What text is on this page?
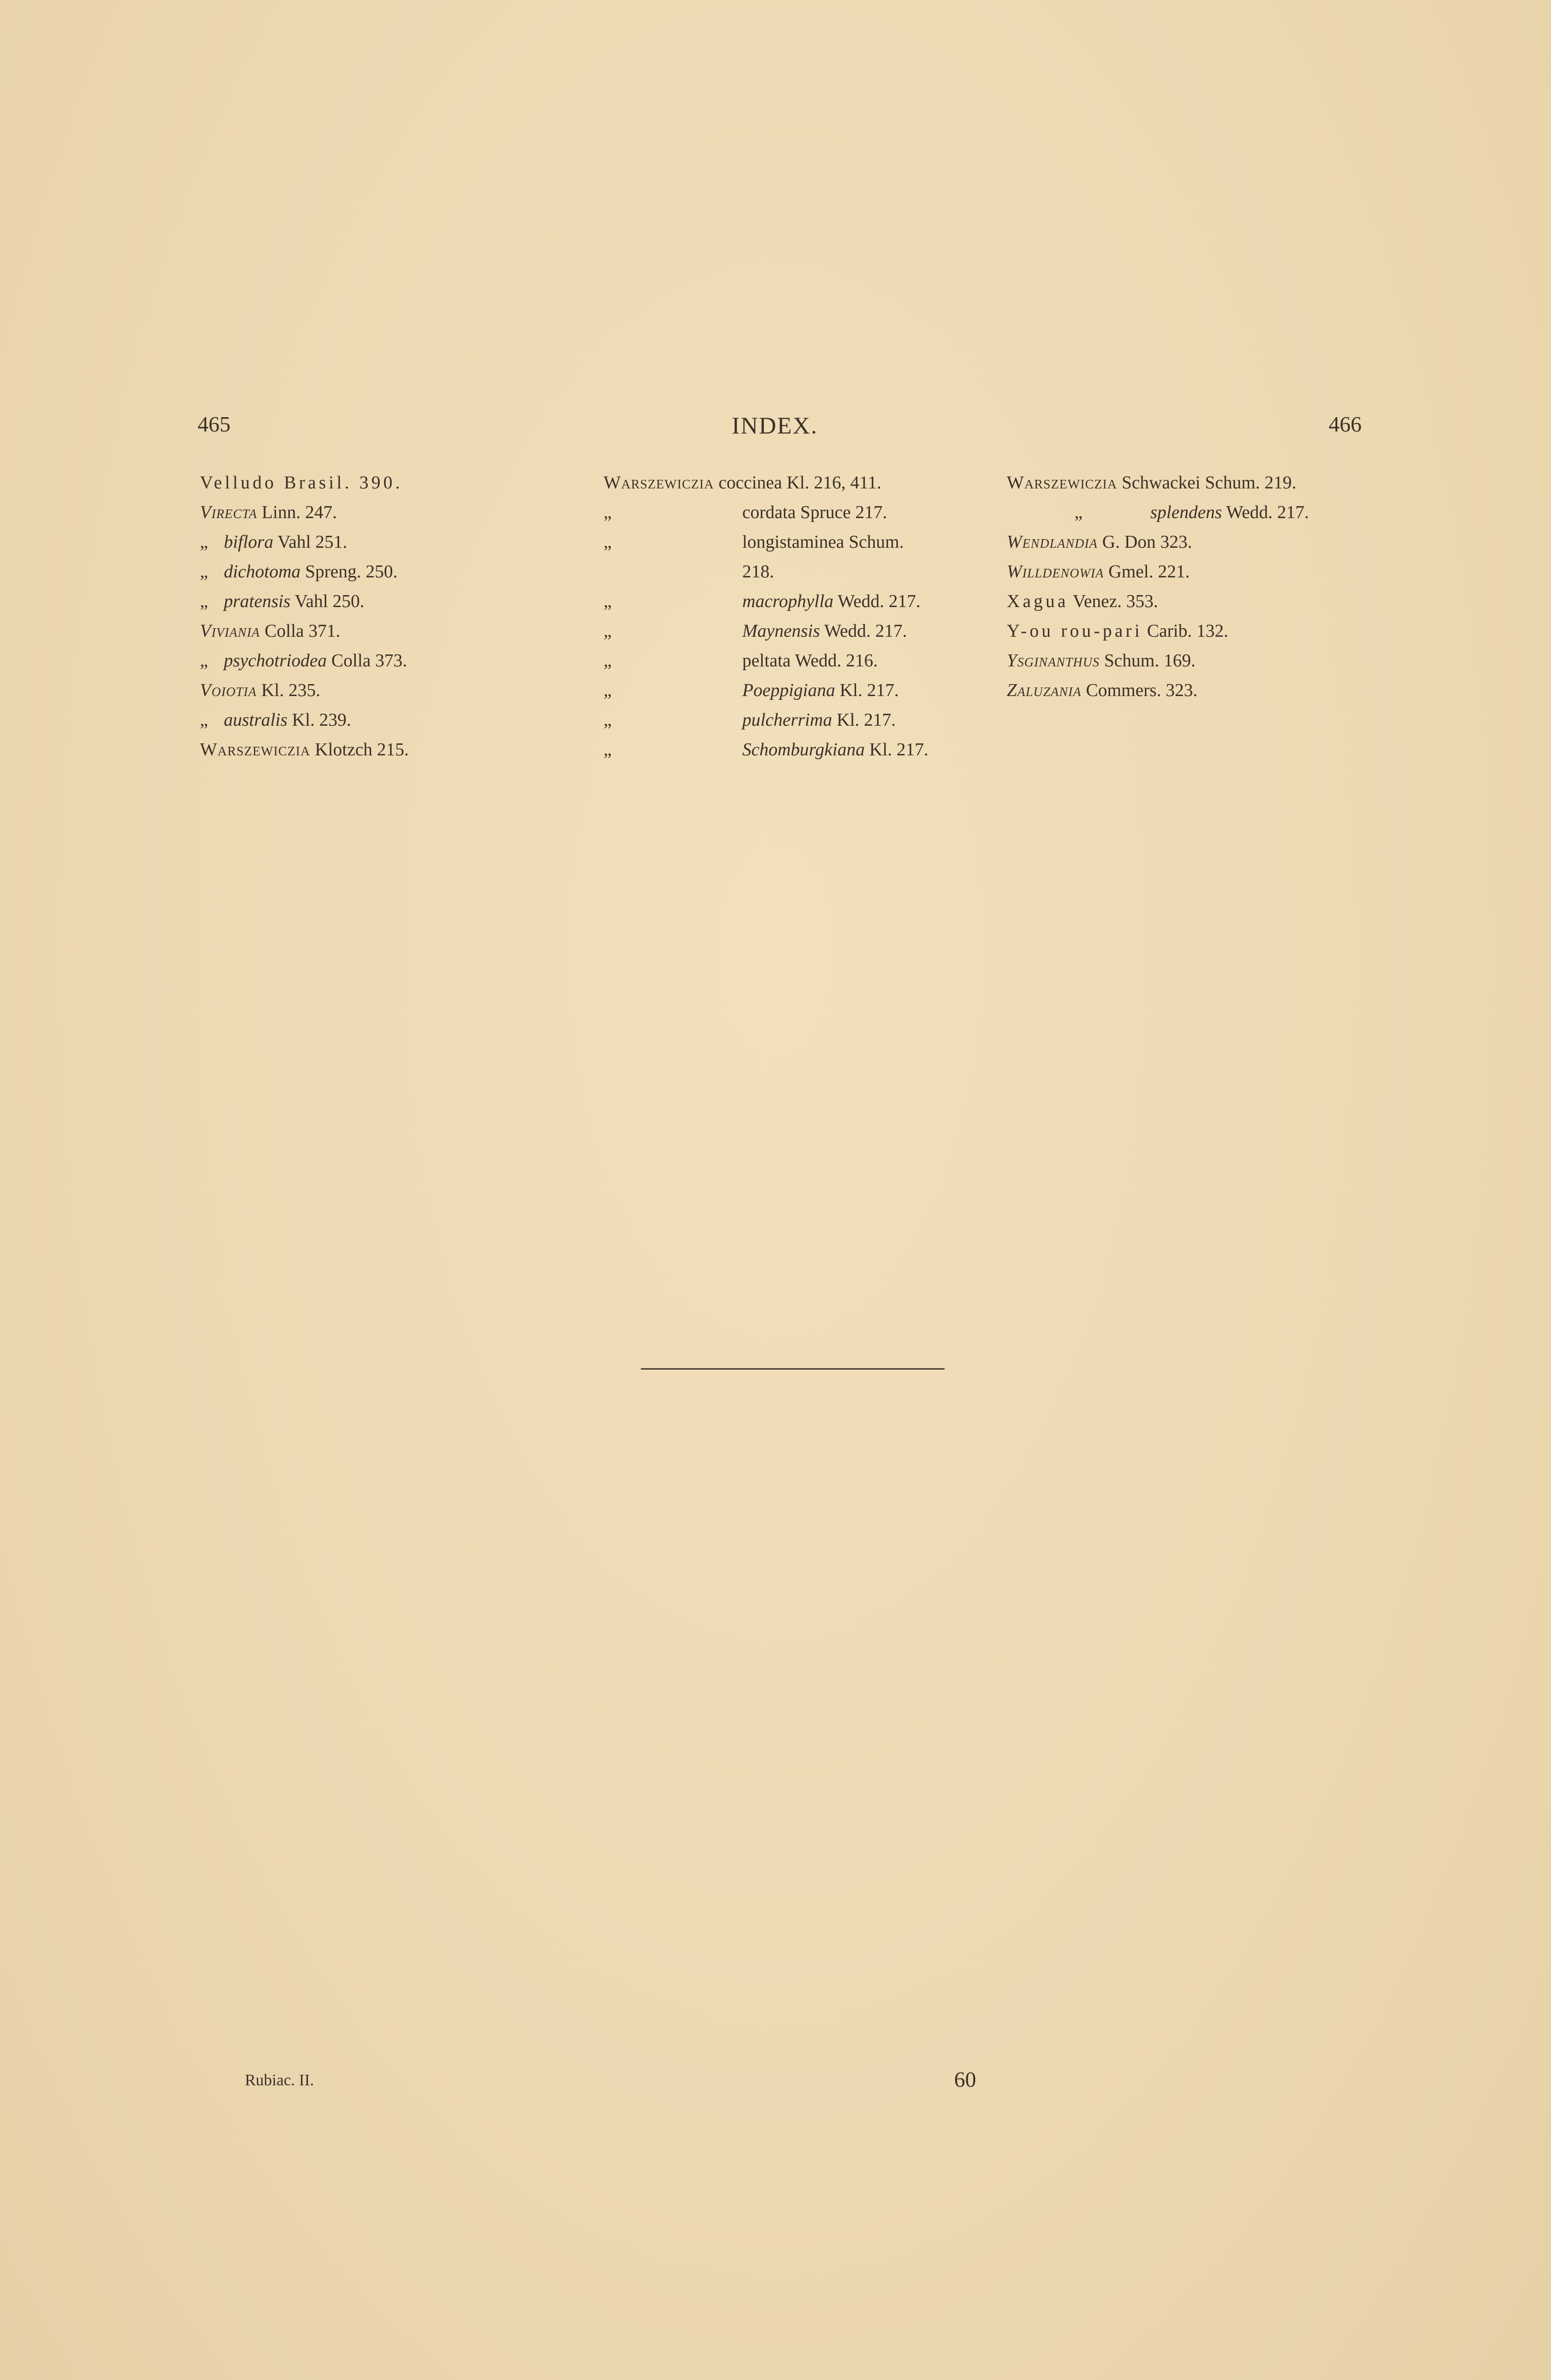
465	INDEX.	466
Velludo Brasil. 390.
Virecta Linn. 247.
„ biflora Vahl 251.
„ dichotoma Spreng. 250.
„ pratensis Vahl 250.
Viviania Colla 371.
„ psychotriodea Colla 373.
Voiotia Kl. 235.
„ australis Kl. 239.
Warszewiczia Klotzch 215.
Warszewiczia coccinea Kl. 216, 411.
„	cordata Spruce 217.
„	longistaminea Schum.
218.
„	macrophylla Wedd. 217.
„	Maynensis Wedd. 217.
„	peltata Wedd. 216.
„	Poeppigiana Kl. 217.
„	pulcherrima Kl. 217.
„	Schomburgkiana Kl. 217.
Warszewiczia Schwackei Schum. 219.
„	splendens Wedd. 217.
Wendlandia G. Don 323.
Willdenowia Gmel. 221.
Xagua Venez. 353.
Y-ou rou-pari Carib. 132.
Ysginanthus Schum. 169.
Zaluzania Commers. 323.
Rubiac. II.	60
